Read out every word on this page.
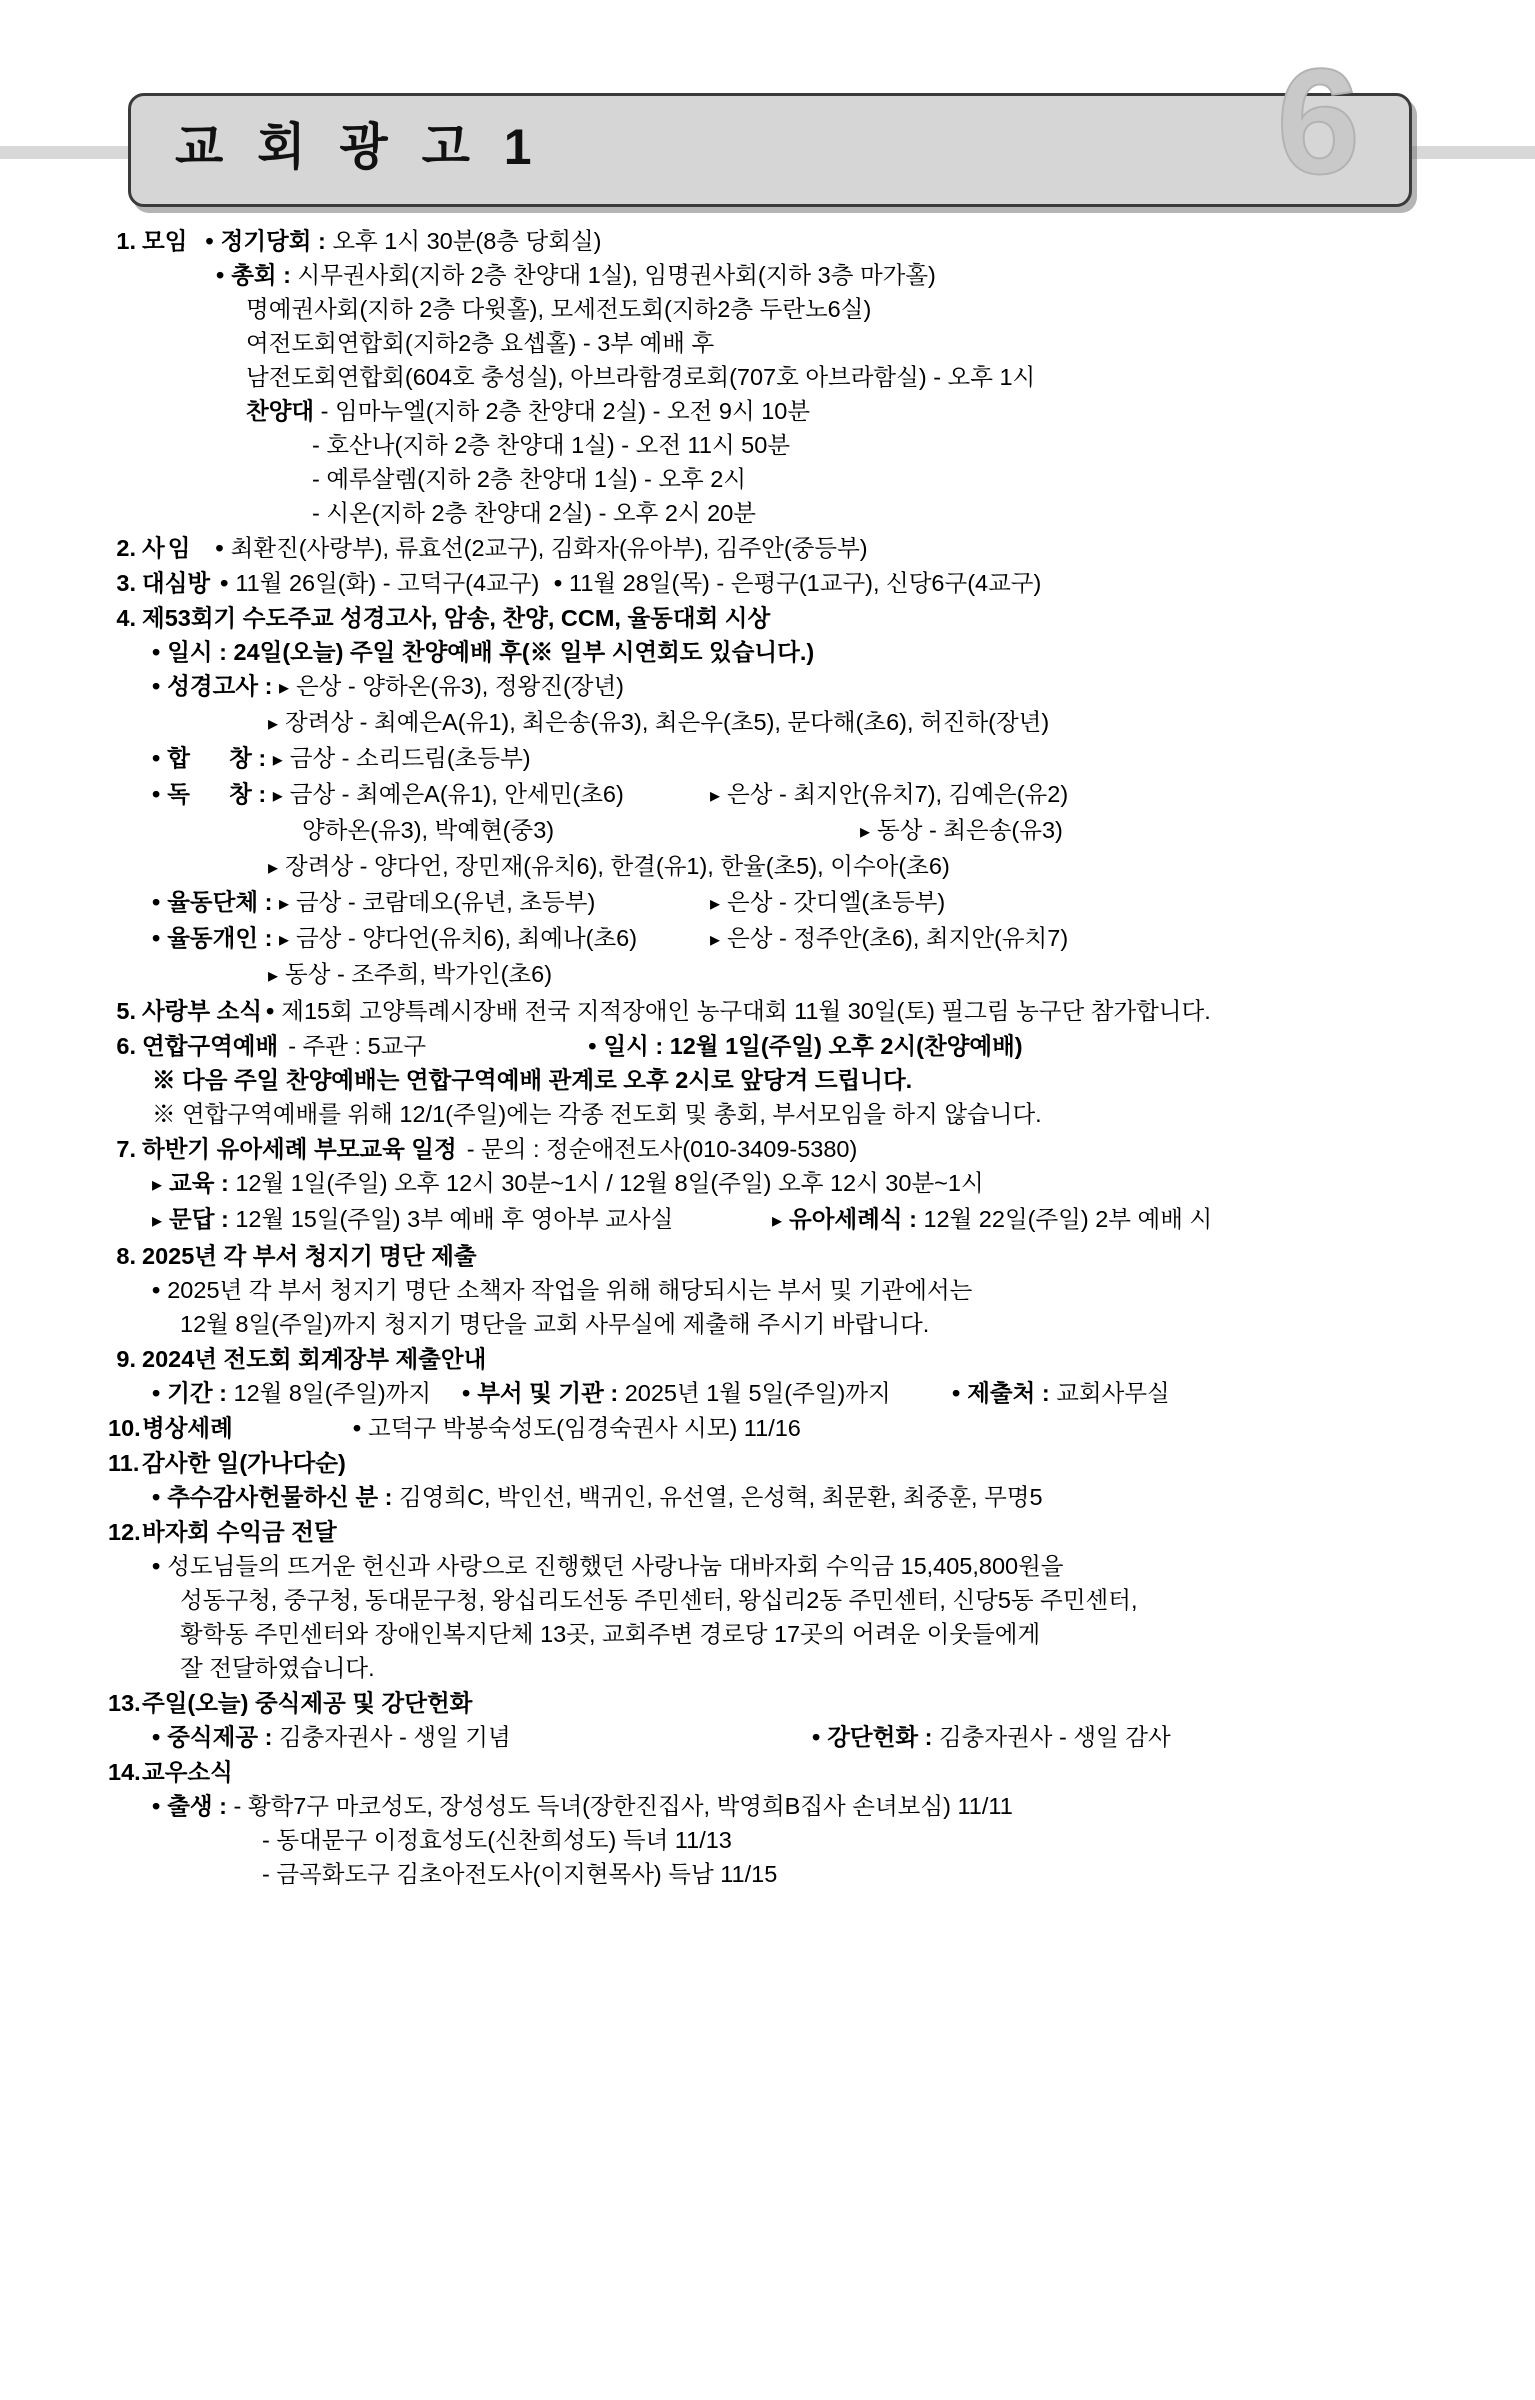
교 회 광 고 1	6
1. 모임 •	정기당회 : 오후 1시 30분(8층 당회실)
• 총회 : 시무권사회(지하 2층 찬양대 1실), 임명권사회(지하 3층 마가홀)
명예권사회(지하 2층 다윗홀), 모세전도회(지하2층 두란노6실)
여전도회연합회(지하2층 요셉홀) - 3부 예배 후
남전도회연합회(604호 충성실), 아브라함경로회(707호 아브라함실) - 오후 1시
찬양대 - 임마누엘(지하 2층 찬양대 2실) - 오전 9시 10분
- 호산나(지하 2층 찬양대 1실) - 오전 11시 50분
- 예루살렘(지하 2층 찬양대 1실) - 오후 2시
- 시온(지하 2층 찬양대 2실) - 오후 2시 20분
2. 사임 •	최환진(사랑부), 류효선(2교구), 김화자(유아부), 김주안(중등부)
3. 대심방 •	11월 26일(화) - 고덕구(4교구) • 11월 28일(목) - 은평구(1교구), 신당6구(4교구)
4. 제53회기 수도주교 성경고사, 암송, 찬양, CCM, 율동대회 시상
• 일시 : 24일(오늘) 주일 찬양예배 후(※ 일부 시연회도 있습니다.)
• 성경고사 : ▸ 은상 - 양하온(유3), 정왕진(장년)
▸ 장려상 - 최예은A(유1), 최은송(유3), 최은우(초5), 문다해(초6), 허진하(장년)
• 합      창 : ▸ 금상 - 소리드림(초등부)
• 독      창 : ▸ 금상 - 최예은A(유1), 안세민(초6) ▸	은상 - 최지안(유치7), 김예은(유2)
양하온(유3), 박예현(중3) ▸	동상 - 최은송(유3)
▸ 장려상 - 양다언, 장민재(유치6), 한결(유1), 한율(초5), 이수아(초6)
• 율동단체 : ▸ 금상 - 코람데오(유년, 초등부) ▸	은상 - 갓디엘(초등부)
• 율동개인 : ▸ 금상 - 양다언(유치6), 최예나(초6) ▸	은상 - 정주안(초6), 최지안(유치7)
▸ 동상 - 조주희, 박가인(초6)
5. 사랑부 소식 • 제15회 고양특례시장배 전국 지적장애인 농구대회 11월 30일(토) 필그림 농구단 참가합니다.
6. 연합구역예배 - 주관 : 5교구 •	일시 : 12월 1일(주일) 오후 2시(찬양예배)
※ 다음 주일 찬양예배는 연합구역예배 관계로 오후 2시로 앞당겨 드립니다.
※ 연합구역예배를 위해 12/1(주일)에는 각종 전도회 및 총회, 부서모임을 하지 않습니다.
7. 하반기 유아세례 부모교육 일정 - 문의 : 정순애전도사(010-3409-5380)
▸ 교육 : 12월 1일(주일) 오후 12시 30분~1시 / 12월 8일(주일) 오후 12시 30분~1시
▸ 문답 : 12월 15일(주일) 3부 예배 후 영아부 교사실 ▸	유아세례식 : 12월 22일(주일) 2부 예배 시
8. 2025년 각 부서 청지기 명단 제출
• 2025년 각 부서 청지기 명단 소책자 작업을 위해 해당되시는 부서 및 기관에서는
12월 8일(주일)까지 청지기 명단을 교회 사무실에 제출해 주시기 바랍니다.
9. 2024년 전도회 회계장부 제출안내
• 기간 : 12월 8일(주일)까지 •	부서 및 기관 : 2025년 1월 5일(주일)까지 •	제출처 : 교회사무실
10. 병상세례 •	고덕구 박봉숙성도(임경숙권사 시모) 11/16
11. 감사한 일(가나다순)
• 추수감사헌물하신 분 : 김영희C, 박인선, 백귀인, 유선열, 은성혁, 최문환, 최중훈, 무명5
12. 바자회 수익금 전달
• 성도님들의 뜨거운 헌신과 사랑으로 진행했던 사랑나눔 대바자회 수익금 15,405,800원을
성동구청, 중구청, 동대문구청, 왕십리도선동 주민센터, 왕십리2동 주민센터, 신당5동 주민센터,
황학동 주민센터와 장애인복지단체 13곳, 교회주변 경로당 17곳의 어려운 이웃들에게
잘 전달하였습니다.
13. 주일(오늘) 중식제공 및 강단헌화
• 중식제공 : 김충자권사 - 생일 기념 •	강단헌화 : 김충자권사 - 생일 감사
14. 교우소식
• 출생 : - 황학7구 마코성도, 장성성도 득녀(장한진집사, 박영희B집사 손녀보심) 11/11
- 동대문구 이정효성도(신찬희성도) 득녀 11/13
- 금곡화도구 김초아전도사(이지현목사) 득남 11/15
